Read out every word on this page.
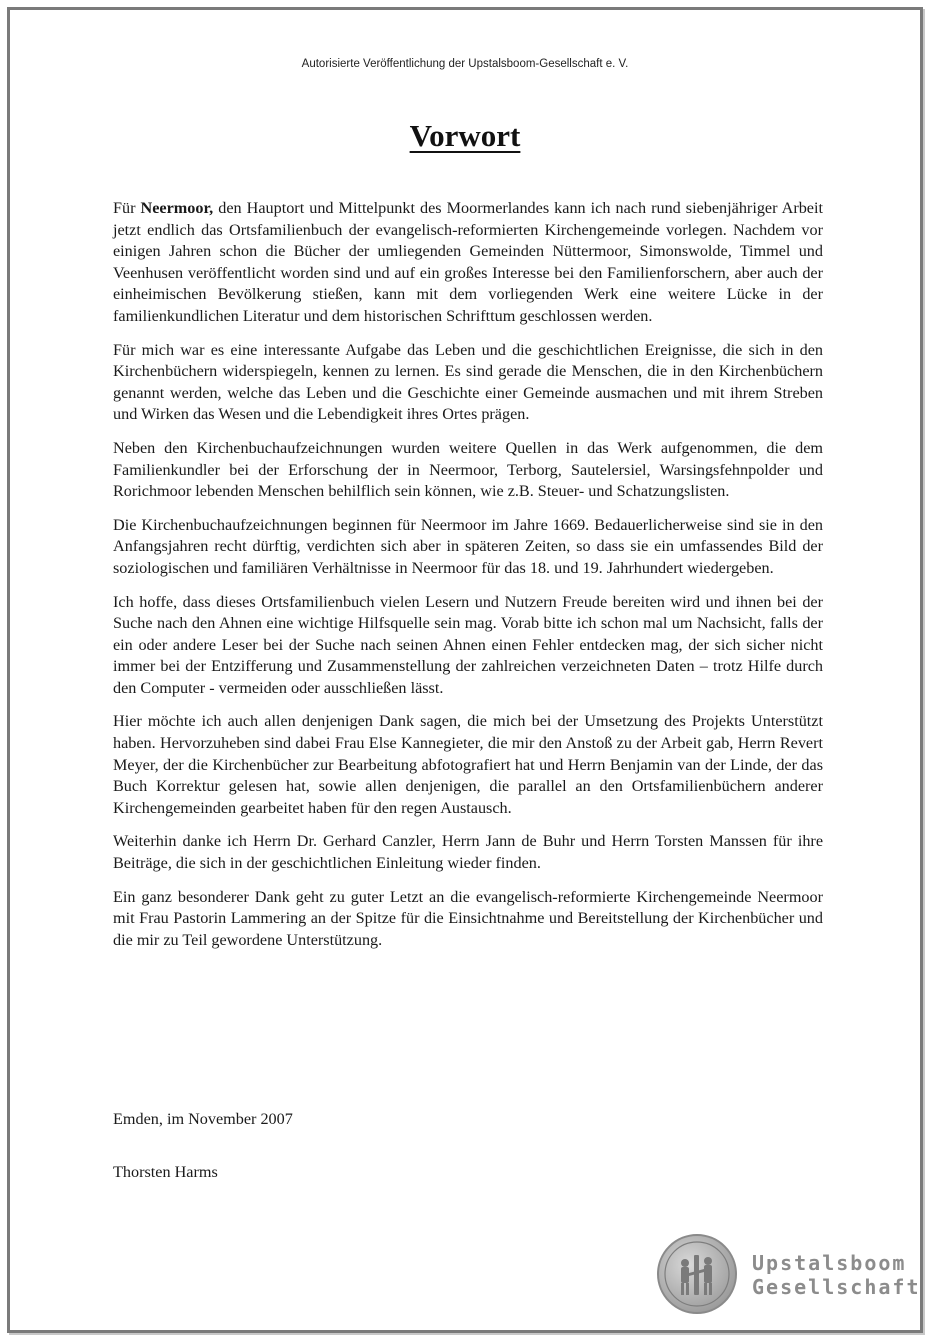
Autorisierte Veröffentlichung der Upstalsboom-Gesellschaft e. V.
Vorwort

Für Neermoor, den Hauptort und Mittelpunkt des Moormerlandes kann ich nach rund siebenjähriger Arbeit jetzt endlich das Ortsfamilienbuch der evangelisch-reformierten Kirchengemeinde vorlegen. Nachdem vor einigen Jahren schon die Bücher der umliegenden Gemeinden Nüttermoor, Simonswolde, Timmel und Veenhusen veröffentlicht worden sind und auf ein großes Interesse bei den Familienforschern, aber auch der einheimischen Bevölkerung stießen, kann mit dem vorliegenden Werk eine weitere Lücke in der familienkundlichen Literatur und dem historischen Schrifttum geschlossen werden.

Für mich war es eine interessante Aufgabe das Leben und die geschichtlichen Ereignisse, die sich in den Kirchenbüchern widerspiegeln, kennen zu lernen. Es sind gerade die Menschen, die in den Kirchenbüchern genannt werden, welche das Leben und die Geschichte einer Gemeinde ausmachen und mit ihrem Streben und Wirken das Wesen und die Lebendigkeit ihres Ortes prägen.

Neben den Kirchenbuchaufzeichnungen wurden weitere Quellen in das Werk aufgenommen, die dem Familienkundler bei der Erforschung der in Neermoor, Terborg, Sautelersiel, Warsingsfehnpolder und Rorichmoor lebenden Menschen behilflich sein können, wie z.B. Steuer- und Schatzungslisten.

Die Kirchenbuchaufzeichnungen beginnen für Neermoor im Jahre 1669. Bedauerlicherweise sind sie in den Anfangsjahren recht dürftig, verdichten sich aber in späteren Zeiten, so dass sie ein umfassendes Bild der soziologischen und familiären Verhältnisse in Neermoor für das 18. und 19. Jahrhundert wiedergeben.

Ich hoffe, dass dieses Ortsfamilienbuch vielen Lesern und Nutzern Freude bereiten wird und ihnen bei der Suche nach den Ahnen eine wichtige Hilfsquelle sein mag. Vorab bitte ich schon mal um Nachsicht, falls der ein oder andere Leser bei der Suche nach seinen Ahnen einen Fehler entdecken mag, der sich sicher nicht immer bei der Entzifferung und Zusammenstellung der zahlreichen verzeichneten Daten – trotz Hilfe durch den Computer - vermeiden oder ausschließen lässt.

Hier möchte ich auch allen denjenigen Dank sagen, die mich bei der Umsetzung des Projekts Unterstützt haben. Hervorzuheben sind dabei Frau Else Kannegieter, die mir den Anstoß zu der Arbeit gab, Herrn Revert Meyer, der die Kirchenbücher zur Bearbeitung abfotografiert hat und Herrn Benjamin van der Linde, der das Buch Korrektur gelesen hat, sowie allen denjenigen, die parallel an den Ortsfamilienbüchern anderer Kirchengemeinden gearbeitet haben für den regen Austausch.

Weiterhin danke ich Herrn Dr. Gerhard Canzler, Herrn Jann de Buhr und Herrn Torsten Manssen für ihre Beiträge, die sich in der geschichtlichen Einleitung wieder finden.

Ein ganz besonderer Dank geht zu guter Letzt an die evangelisch-reformierte Kirchengemeinde Neermoor mit Frau Pastorin Lammering an der Spitze für die Einsichtnahme und Bereitstellung der Kirchenbücher und die mir zu Teil gewordene Unterstützung.

Emden, im November 2007
Thorsten Harms
Upstalsboom
Gesellschaft
